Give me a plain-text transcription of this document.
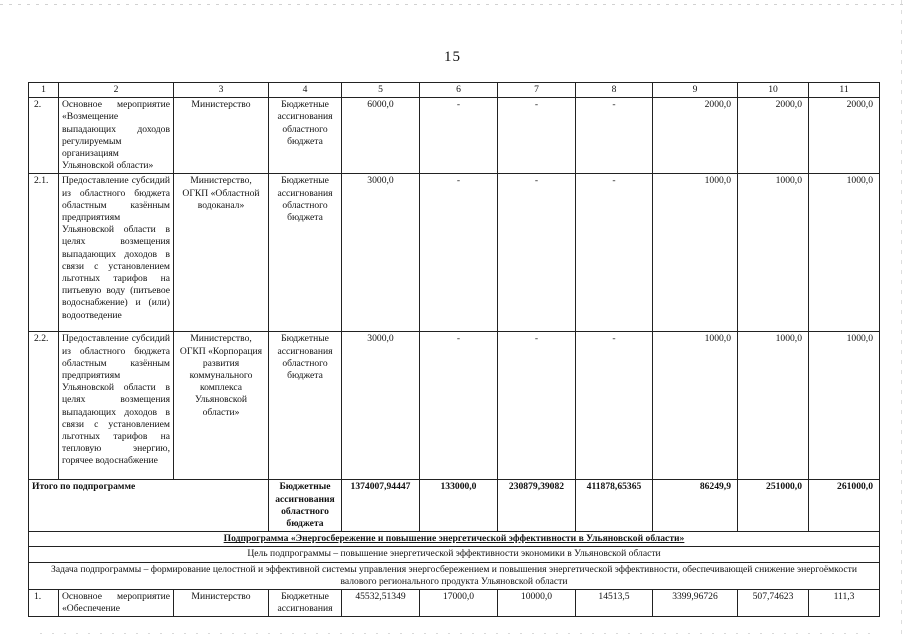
15
1	2	3	4	5	6	7	8	9	10	11
2.	Основное мероприятие «Возмещение выпадающих доходов регулируемым организациям Ульяновской области»	Министерство	Бюджетные ассигнования областного бюджета	6000,0	-	-	-	2000,0	2000,0	2000,0
2.1.	Предоставление субсидий из областного бюджета областным казённым предприятиям Ульяновской области в целях возмещения выпадающих доходов в связи с установлением льготных тарифов на питьевую воду (питьевое водоснабжение) и (или) водоотведение	Министерство, ОГКП «Областной водоканал»	Бюджетные ассигнования областного бюджета	3000,0	-	-	-	1000,0	1000,0	1000,0
2.2.	Предоставление субсидий из областного бюджета областным казённым предприятиям Ульяновской области в целях возмещения выпадающих доходов в связи с установлением льготных тарифов на тепловую энергию, горячее водоснабжение	Министерство, ОГКП «Корпорация развития коммунального комплекса Ульяновской области»	Бюджетные ассигнования областного бюджета	3000,0	-	-	-	1000,0	1000,0	1000,0
Итого по подпрограмме			Бюджетные ассигнования областного бюджета	1374007,94447	133000,0	230879,39082	411878,65365	86249,9	251000,0	261000,0
Подпрограмма «Энергосбережение и повышение энергетической эффективности в Ульяновской области»										
Цель подпрограммы – повышение энергетической эффективности экономики в Ульяновской области										
Задача подпрограммы – формирование целостной и эффективной системы управления энергосбережением и повышения энергетической эффективности, обеспечивающей снижение энергоёмкости валового регионального продукта Ульяновской области										
1.	Основное мероприятие «Обеспечение	Министерство	Бюджетные ассигнования	45532,51349	17000,0	10000,0	14513,5	3399,96726	507,74623	111,3
